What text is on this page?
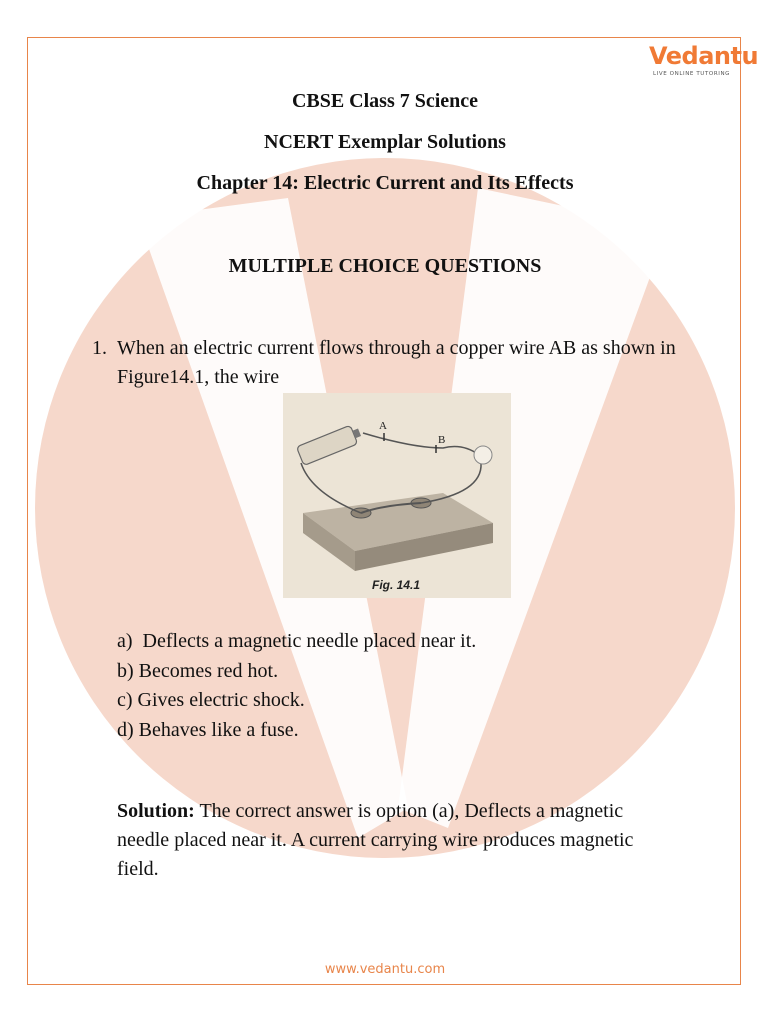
Vedantu
LIVE ONLINE TUTORING
CBSE Class 7 Science
NCERT Exemplar Solutions
Chapter 14: Electric Current and Its Effects
MULTIPLE CHOICE QUESTIONS
1. When an electric current flows through a copper wire AB as shown in Figure14.1, the wire
A
B
Fig. 14.1
a) Deflects a magnetic needle placed near it.
b) Becomes red hot.
c) Gives electric shock.
d) Behaves like a fuse.
Solution: The correct answer is option (a), Deflects a magnetic needle placed near it. A current carrying wire produces magnetic field.
www.vedantu.com
